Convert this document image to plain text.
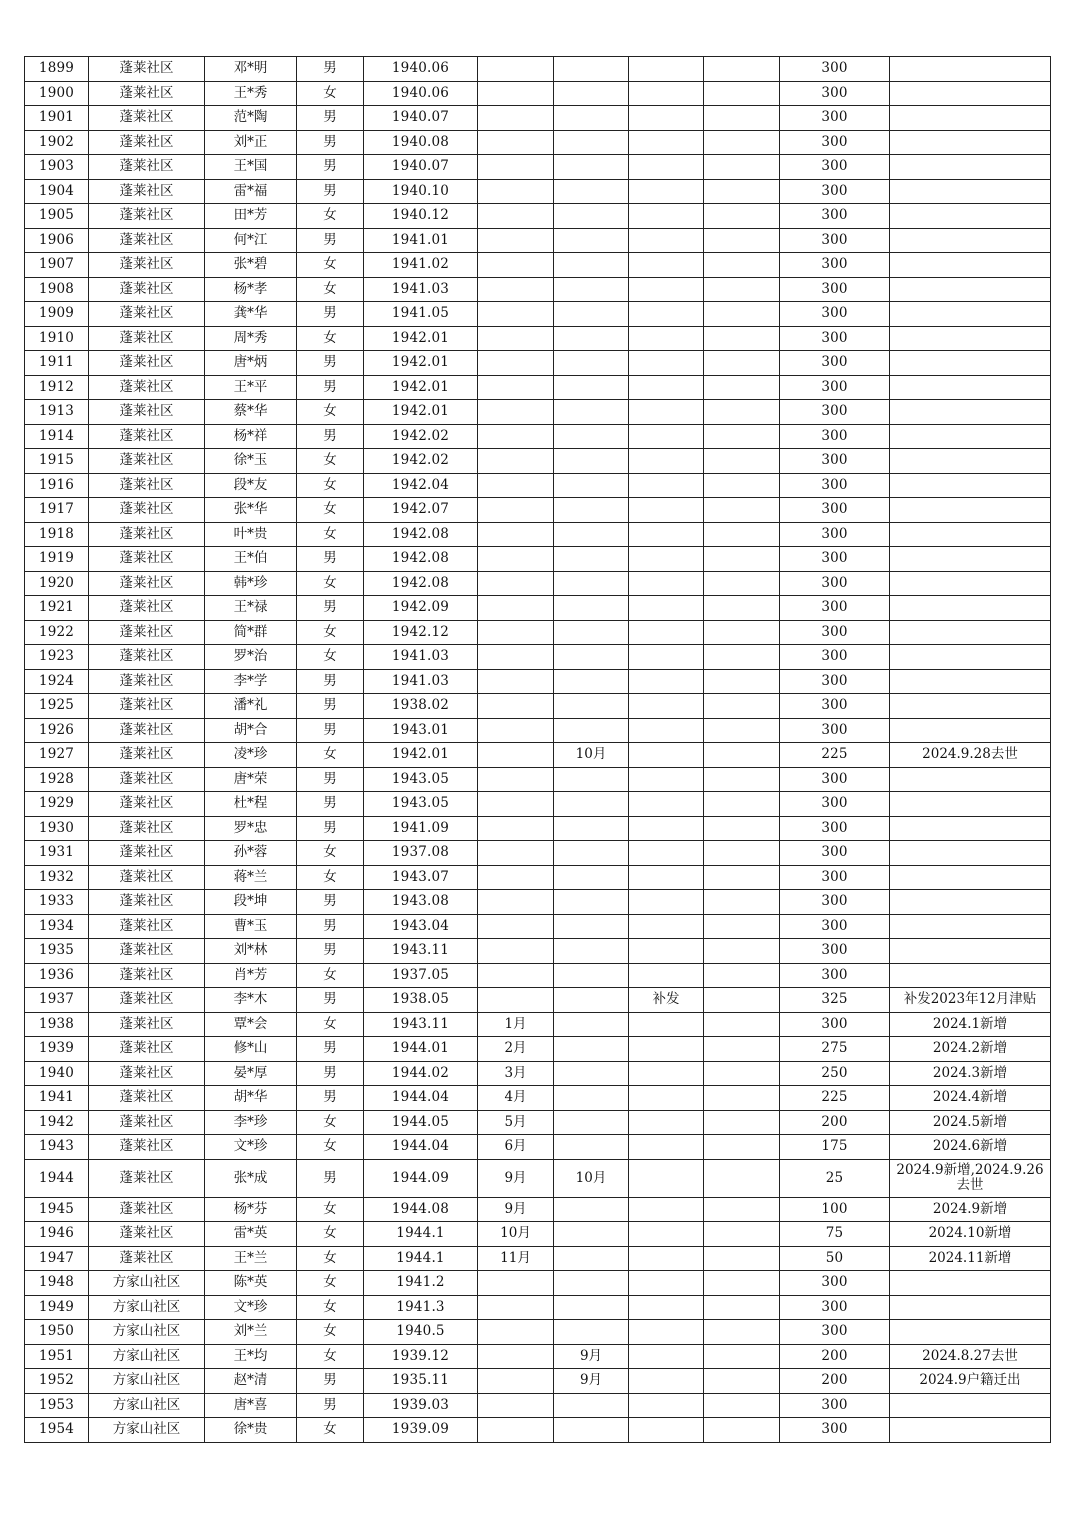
1899	蓬莱社区	邓*明	男	1940.06					300	
1900	蓬莱社区	王*秀	女	1940.06					300	
1901	蓬莱社区	范*陶	男	1940.07					300	
1902	蓬莱社区	刘*正	男	1940.08					300	
1903	蓬莱社区	王*国	男	1940.07					300	
1904	蓬莱社区	雷*福	男	1940.10					300	
1905	蓬莱社区	田*芳	女	1940.12					300	
1906	蓬莱社区	何*江	男	1941.01					300	
1907	蓬莱社区	张*碧	女	1941.02					300	
1908	蓬莱社区	杨*孝	女	1941.03					300	
1909	蓬莱社区	龚*华	男	1941.05					300	
1910	蓬莱社区	周*秀	女	1942.01					300	
1911	蓬莱社区	唐*炳	男	1942.01					300	
1912	蓬莱社区	王*平	男	1942.01					300	
1913	蓬莱社区	蔡*华	女	1942.01					300	
1914	蓬莱社区	杨*祥	男	1942.02					300	
1915	蓬莱社区	徐*玉	女	1942.02					300	
1916	蓬莱社区	段*友	女	1942.04					300	
1917	蓬莱社区	张*华	女	1942.07					300	
1918	蓬莱社区	叶*贵	女	1942.08					300	
1919	蓬莱社区	王*伯	男	1942.08					300	
1920	蓬莱社区	韩*珍	女	1942.08					300	
1921	蓬莱社区	王*禄	男	1942.09					300	
1922	蓬莱社区	简*群	女	1942.12					300	
1923	蓬莱社区	罗*治	女	1941.03					300	
1924	蓬莱社区	李*学	男	1941.03					300	
1925	蓬莱社区	潘*礼	男	1938.02					300	
1926	蓬莱社区	胡*合	男	1943.01					300	
1927	蓬莱社区	凌*珍	女	1942.01		10月			225	2024.9.28去世
1928	蓬莱社区	唐*荣	男	1943.05					300	
1929	蓬莱社区	杜*程	男	1943.05					300	
1930	蓬莱社区	罗*忠	男	1941.09					300	
1931	蓬莱社区	孙*蓉	女	1937.08					300	
1932	蓬莱社区	蒋*兰	女	1943.07					300	
1933	蓬莱社区	段*坤	男	1943.08					300	
1934	蓬莱社区	曹*玉	男	1943.04					300	
1935	蓬莱社区	刘*林	男	1943.11					300	
1936	蓬莱社区	肖*芳	女	1937.05					300	
1937	蓬莱社区	李*木	男	1938.05			补发		325	补发2023年12月津贴
1938	蓬莱社区	覃*会	女	1943.11	1月				300	2024.1新增
1939	蓬莱社区	修*山	男	1944.01	2月				275	2024.2新增
1940	蓬莱社区	晏*厚	男	1944.02	3月				250	2024.3新增
1941	蓬莱社区	胡*华	男	1944.04	4月				225	2024.4新增
1942	蓬莱社区	李*珍	女	1944.05	5月				200	2024.5新增
1943	蓬莱社区	文*珍	女	1944.04	6月				175	2024.6新增
1944	蓬莱社区	张*成	男	1944.09	9月	10月			25	2024.9新增,2024.9.26去世
1945	蓬莱社区	杨*芬	女	1944.08	9月				100	2024.9新增
1946	蓬莱社区	雷*英	女	1944.1	10月				75	2024.10新增
1947	蓬莱社区	王*兰	女	1944.1	11月				50	2024.11新增
1948	方家山社区	陈*英	女	1941.2					300	
1949	方家山社区	文*珍	女	1941.3					300	
1950	方家山社区	刘*兰	女	1940.5					300	
1951	方家山社区	王*均	女	1939.12		9月			200	2024.8.27去世
1952	方家山社区	赵*清	男	1935.11		9月			200	2024.9户籍迁出
1953	方家山社区	唐*喜	男	1939.03					300	
1954	方家山社区	徐*贵	女	1939.09					300	
